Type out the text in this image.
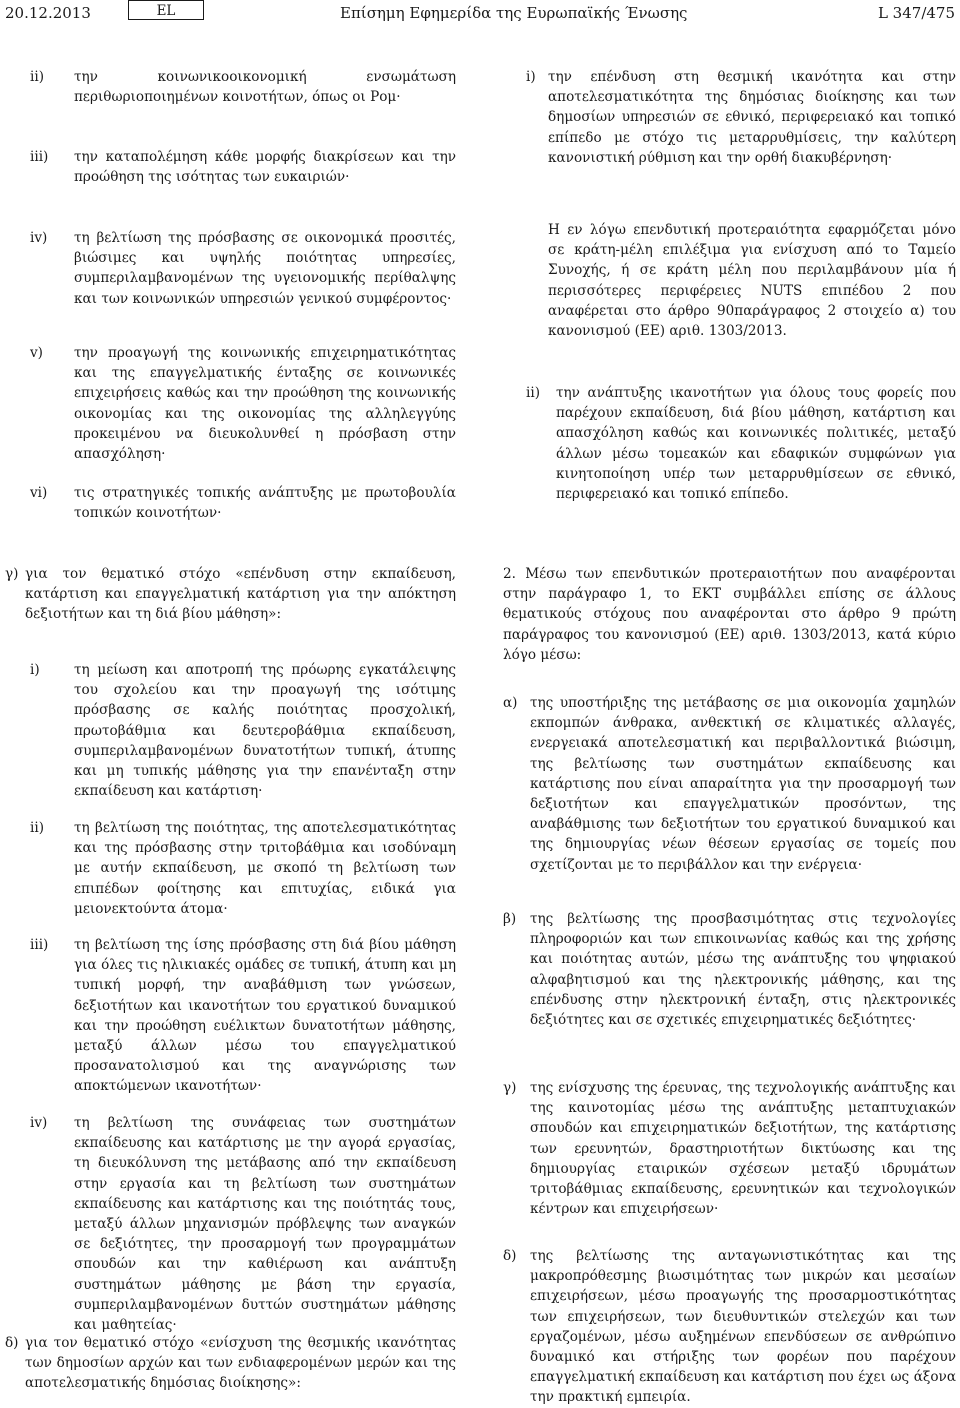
20.12.2013	EL	Επίσημη Εφημερίδα της Ευρωπαϊκής Ένωσης	L 347/475
ii) την κοινωνικοοικονομική ενσωμάτωση περιθωριοποιημένων κοινοτήτων, όπως οι Ρομ·
iii) την καταπολέμηση κάθε μορφής διακρίσεων και την προώθηση της ισότητας των ευκαιριών·
iv) τη βελτίωση της πρόσβασης σε οικονομικά προσιτές, βιώσιμες και υψηλής ποιότητας υπηρεσίες, συμπεριλαμβανομένων της υγειονομικής περίθαλψης και των κοινωνικών υπηρεσιών γενικού συμφέροντος·
v) την προαγωγή της κοινωνικής επιχειρηματικότητας και της επαγγελματικής ένταξης σε κοινωνικές επιχειρήσεις καθώς και την προώθηση της κοινωνικής οικονομίας και της οικονομίας της αλληλεγγύης προκειμένου να διευκολυνθεί η πρόσβαση στην απασχόληση·
vi) τις στρατηγικές τοπικής ανάπτυξης με πρωτοβουλία τοπικών κοινοτήτων·
γ) για τον θεματικό στόχο «επένδυση στην εκπαίδευση, κατάρτιση και επαγγελματική κατάρτιση για την απόκτηση δεξιοτήτων και τη διά βίου μάθηση»:
i)	τη μείωση και αποτροπή της πρόωρης εγκατάλειψης του σχολείου και την προαγωγή της ισότιμης πρόσβασης σε καλής ποιότητας προσχολική, πρωτοβάθμια και δευτεροβάθμια εκπαίδευση, συμπεριλαμβανομένων δυνατοτήτων τυπική, άτυπης και μη τυπικής μάθησης για την επανένταξη στην εκπαίδευση και κατάρτιση·
ii) τη βελτίωση της ποιότητας, της αποτελεσματικότητας και της πρόσβασης στην τριτοβάθμια και ισοδύναμη με αυτήν εκπαίδευση, με σκοπό τη βελτίωση των επιπέδων φοίτησης και επιτυχίας, ειδικά για μειονεκτούντα άτομα·
iii) τη βελτίωση της ίσης πρόσβασης στη διά βίου μάθηση για όλες τις ηλικιακές ομάδες σε τυπική, άτυπη και μη τυπική μορφή, την αναβάθμιση των γνώσεων, δεξιοτήτων και ικανοτήτων του εργατικού δυναμικού και την προώθηση ευέλικτων δυνατοτήτων μάθησης, μεταξύ άλλων μέσω του επαγγελματικού προσανατολισμού και της αναγνώρισης των αποκτώμενων ικανοτήτων·
iv) τη βελτίωση της συνάφειας των συστημάτων εκπαίδευσης και κατάρτισης με την αγορά εργασίας, τη διευκόλυνση της μετάβασης από την εκπαίδευση στην εργασία και τη βελτίωση των συστημάτων εκπαίδευσης και κατάρτισης και της ποιότητάς τους, μεταξύ άλλων μηχανισμών πρόβλεψης των αναγκών σε δεξιότητες, την προσαρμογή των προγραμμάτων σπουδών και την καθιέρωση και ανάπτυξη συστημάτων μάθησης με βάση την εργασία, συμπεριλαμβανομένων δυττών συστημάτων μάθησης και μαθητείας·
δ) για τον θεματικό στόχο «ενίσχυση της θεσμικής ικανότητας των δημοσίων αρχών και των ενδιαφερομένων μερών και της αποτελεσματικής δημόσιας διοίκησης»:
i) την επένδυση στη θεσμική ικανότητα και στην αποτελεσματικότητα της δημόσιας διοίκησης και των δημοσίων υπηρεσιών σε εθνικό, περιφερειακό και τοπικό επίπεδο με στόχο τις μεταρρυθμίσεις, την καλύτερη κανονιστική ρύθμιση και την ορθή διακυβέρνηση·
Η εν λόγω επενδυτική προτεραιότητα εφαρμόζεται μόνο σε κράτη-μέλη επιλέξιμα για ενίσχυση από το Ταμείο Συνοχής, ή σε κράτη μέλη που περιλαμβάνουν μία ή περισσότερες περιφέρειες NUTS επιπέδου 2 που αναφέρεται στο άρθρο 90παράγραφος 2 στοιχείο α) του κανονισμού (ΕΕ) αριθ. 1303/2013.
ii) την ανάπτυξης ικανοτήτων για όλους τους φορείς που παρέχουν εκπαίδευση, διά βίου μάθηση, κατάρτιση και απασχόληση καθώς και κοινωνικές πολιτικές, μεταξύ άλλων μέσω τομεακών και εδαφικών συμφώνων για κινητοποίηση υπέρ των μεταρρυθμίσεων σε εθνικό, περιφερειακό και τοπικό επίπεδο.
2. Μέσω των επενδυτικών προτεραιοτήτων που αναφέρονται στην παράγραφο 1, το ΕΚΤ συμβάλλει επίσης σε άλλους θεματικούς στόχους που αναφέρονται στο άρθρο 9 πρώτη παράγραφος του κανονισμού (ΕΕ) αριθ. 1303/2013, κατά κύριο λόγο μέσω:
α) της υποστήριξης της μετάβασης σε μια οικονομία χαμηλών εκπομπών άνθρακα, ανθεκτική σε κλιματικές αλλαγές, ενεργειακά αποτελεσματική και περιβαλλοντικά βιώσιμη, της βελτίωσης των συστημάτων εκπαίδευσης και κατάρτισης που είναι απαραίτητα για την προσαρμογή των δεξιοτήτων και επαγγελματικών προσόντων, της αναβάθμισης των δεξιοτήτων του εργατικού δυναμικού και της δημιουργίας νέων θέσεων εργασίας σε τομείς που σχετίζονται με το περιβάλλον και την ενέργεια·
β) της βελτίωσης της προσβασιμότητας στις τεχνολογίες πληροφοριών και των επικοινωνίας καθώς και της χρήσης και ποιότητας αυτών, μέσω της ανάπτυξης του ψηφιακού αλφαβητισμού και της ηλεκτρονικής μάθησης, και της επένδυσης στην ηλεκτρονική ένταξη, στις ηλεκτρονικές δεξιότητες και σε σχετικές επιχειρηματικές δεξιότητες·
γ) της ενίσχυσης της έρευνας, της τεχνολογικής ανάπτυξης και της καινοτομίας μέσω της ανάπτυξης μεταπτυχιακών σπουδών και επιχειρηματικών δεξιοτήτων, της κατάρτισης των ερευνητών, δραστηριοτήτων δικτύωσης και της δημιουργίας εταιρικών σχέσεων μεταξύ ιδρυμάτων τριτοβάθμιας εκπαίδευσης, ερευνητικών και τεχνολογικών κέντρων και επιχειρήσεων·
δ) της βελτίωσης της ανταγωνιστικότητας και της μακροπρόθεσμης βιωσιμότητας των μικρών και μεσαίων επιχειρήσεων, μέσω προαγωγής της προσαρμοστικότητας των επιχειρήσεων, των διευθυντικών στελεχών και των εργαζομένων, μέσω αυξημένων επενδύσεων σε ανθρώπινο δυναμικό και στήριξης των φορέων που παρέχουν επαγγελματική εκπαίδευση και κατάρτιση που έχει ως άξονα την πρακτική εμπειρία.
